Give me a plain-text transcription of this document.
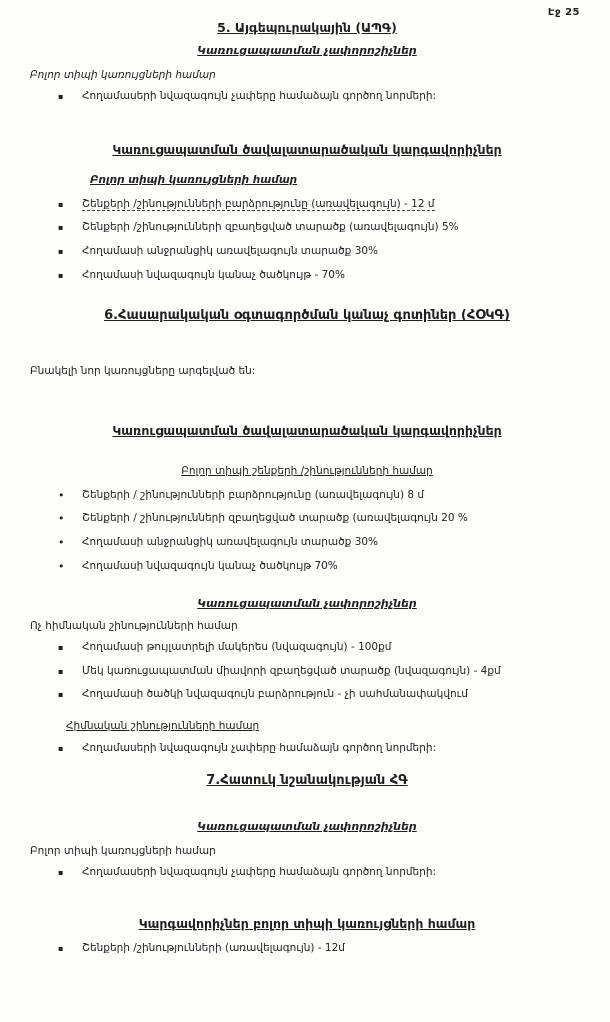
Էջ 25
5. Այգեպուրակային (ԱՊԳ)
Կառուցապատման չափորոշիչներ
Բոլոր տիպի կառույցների համար
▪ Հողամասերի նվազագույն չափերը համաձայն գործող նորմերի:
Կառուցապատման ծավալատարածական կարգավորիչներ
Բոլոր տիպի կառույցների համար
▪ Շենքերի /շինությունների բարձրությունը (առավելագույն) - 12 մ
▪ Շենքերի /շինությունների զբաղեցված տարածք (առավելագույն) 5%
▪ Հողամասի անջրանցիկ առավելագույն տարածք 30%
▪ Հողամասի նվազագույն կանաչ ծածկույթ - 70%
6.Հասարակական օգտագործման կանաչ գոտիներ (ՀՕԿԳ)
Բնակելի նոր կառույցները արգելված են:
Կառուցապատման ծավալատարածական կարգավորիչներ
Բոլոր տիպի շենքերի /շինությունների համար
• Շենքերի / շինությունների բարձրությունը (առավելագույն) 8 մ
• Շենքերի / շինությունների զբաղեցված տարածք (առավելագույն 20 %
• Հողամասի անջրանցիկ առավելագույն տարածք 30%
• Հողամասի նվազագույն կանաչ ծածկույթ 70%
Կառուցապատման չափորոշիչներ
Ոչ հիմնական շինությունների համար
▪ Հողամասի թույլատրելի մակերես (նվազագույն) - 100քմ
▪ Մեկ կառուցապատման միավորի զբաղեցված տարածք (նվազագույն) - 4քմ
▪ Հողամասի ծածկի նվազագույն բարձրություն - չի սահմանափակվում
Հիմնական շինությունների համար
▪ Հողամասերի նվազագույն չափերը համաձայն գործող նորմերի:
7.Հատուկ նշանակության ՀԳ
Կառուցապատման չափորոշիչներ
Բոլոր տիպի կառույցների համար
▪ Հողամասերի նվազագույն չափերը համաձայն գործող նորմերի:
Կարգավորիչներ բոլոր տիպի կառույցների համար
▪ Շենքերի /շինությունների (առավելագույն) - 12մ
